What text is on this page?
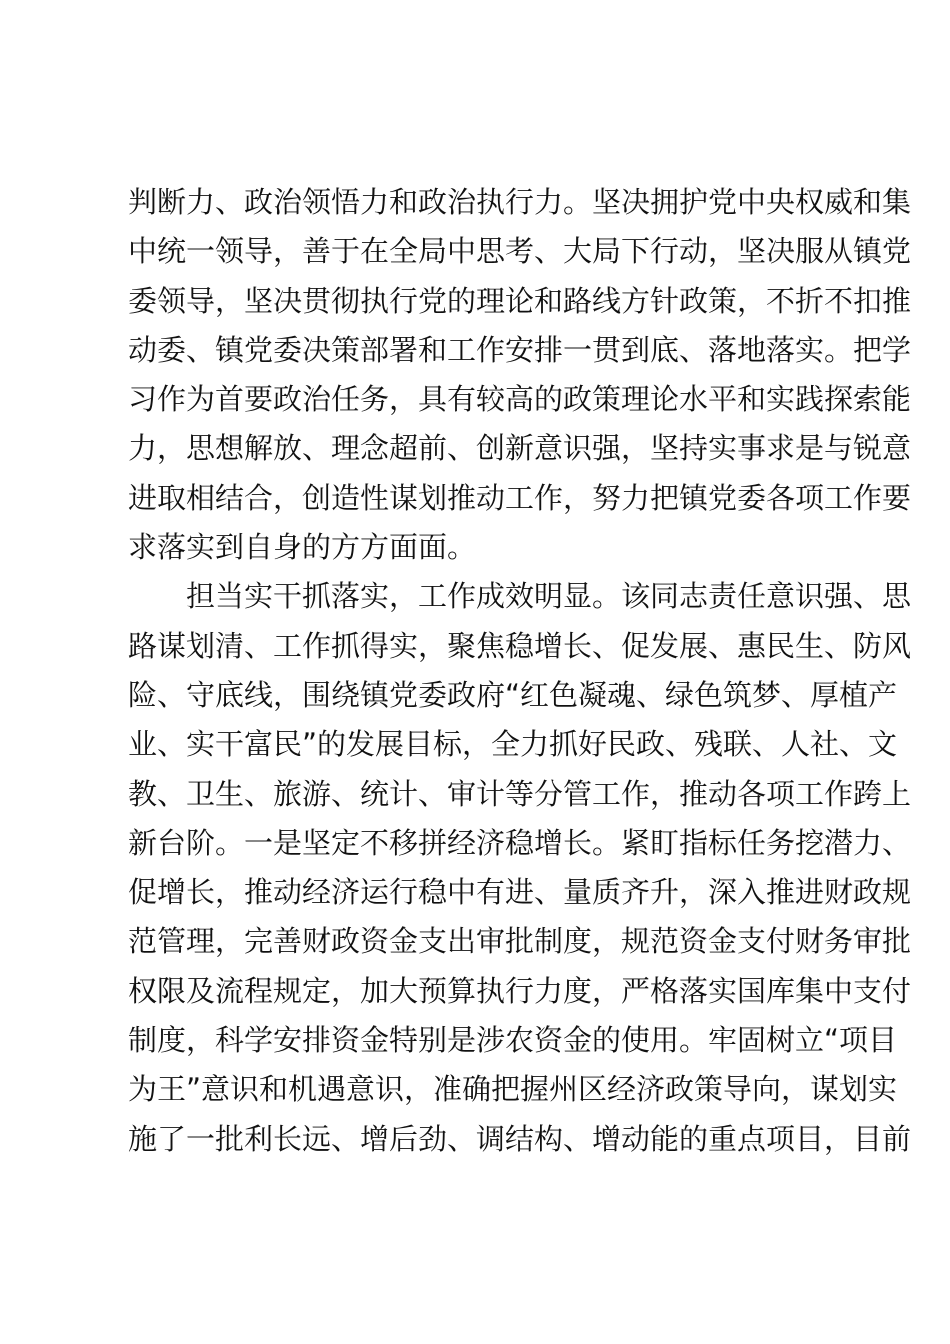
判断力、政治领悟力和政治执行力。坚决拥护党中央权威和集
中统一领导，善于在全局中思考、大局下行动，坚决服从镇党
委领导，坚决贯彻执行党的理论和路线方针政策，不折不扣推
动委、镇党委决策部署和工作安排一贯到底、落地落实。把学
习作为首要政治任务，具有较高的政策理论水平和实践探索能
力，思想解放、理念超前、创新意识强，坚持实事求是与锐意
进取相结合，创造性谋划推动工作，努力把镇党委各项工作要
求落实到自身的方方面面。
担当实干抓落实，工作成效明显。该同志责任意识强、思
路谋划清、工作抓得实，聚焦稳增长、促发展、惠民生、防风
险、守底线，围绕镇党委政府“红色凝魂、绿色筑梦、厚植产
业、实干富民”的发展目标，全力抓好民政、残联、人社、文
教、卫生、旅游、统计、审计等分管工作，推动各项工作跨上
新台阶。一是坚定不移拼经济稳增长。紧盯指标任务挖潜力、
促增长，推动经济运行稳中有进、量质齐升，深入推进财政规
范管理，完善财政资金支出审批制度，规范资金支付财务审批
权限及流程规定，加大预算执行力度，严格落实国库集中支付
制度，科学安排资金特别是涉农资金的使用。牢固树立“项目
为王”意识和机遇意识，准确把握州区经济政策导向，谋划实
施了一批利长远、增后劲、调结构、增动能的重点项目，目前
